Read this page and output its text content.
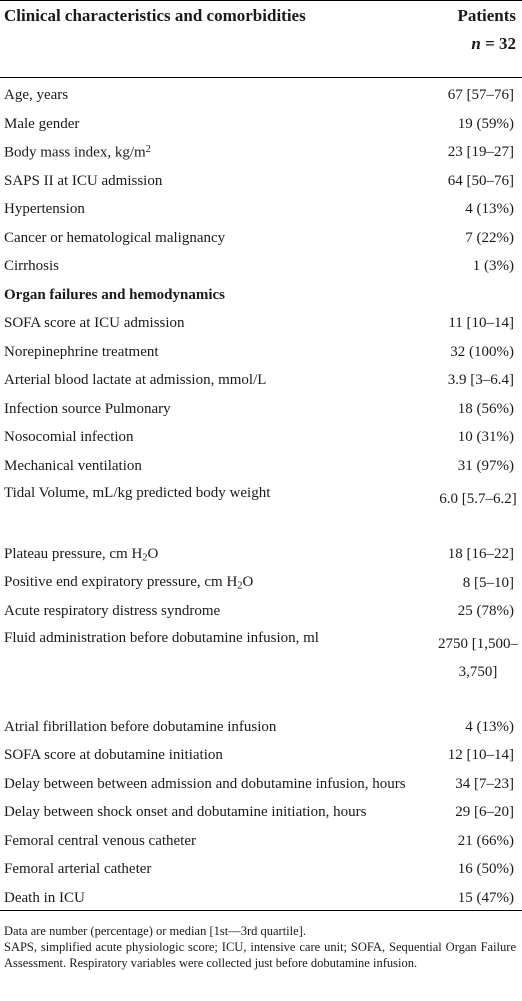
Clinical characteristics and comorbidities	Patients
n = 32

Age, years	67 [57–76]
Male gender	19 (59%)
Body mass index, $kg/m^2$	23 [19–27]
SAPS II at ICU admission	64 [50–76]
Hypertension	4 (13%)
Cancer or hematological malignancy	7 (22%)
Cirrhosis	1 (3%)
Organ failures and hemodynamics	
SOFA score at ICU admission	11 [10–14]
Norepinephrine treatment	32 (100%)
Arterial blood lactate at admission, mmol/L	3.9 [3–6.4]
Infection source Pulmonary	18 (56%)
Nosocomial infection	10 (31%)
Mechanical ventilation	31 (97%)
Tidal Volume, mL/kg predicted body weight	6.0 [5.7–6.2]
Plateau pressure, cm $H_2O$	18 [16–22]
Positive end expiratory pressure, cm $H_2O$	8 [5–10]
Acute respiratory distress syndrome	25 (78%)
Fluid administration before dobutamine infusion, ml	2750 [1,500–3,750]
Atrial fibrillation before dobutamine infusion	4 (13%)
SOFA score at dobutamine initiation	12 [10–14]
Delay between between admission and dobutamine infusion, hours	34 [7–23]
Delay between shock onset and dobutamine initiation, hours	29 [6–20]
Femoral central venous catheter	21 (66%)
Femoral arterial catheter	16 (50%)
Death in ICU	15 (47%)

Data are number (percentage) or median [1st—3rd quartile].

SAPS, simplified acute physiologic score; ICU, intensive care unit; SOFA, Sequential Organ Failure Assessment. Respiratory variables were collected just before dobutamine infusion.
